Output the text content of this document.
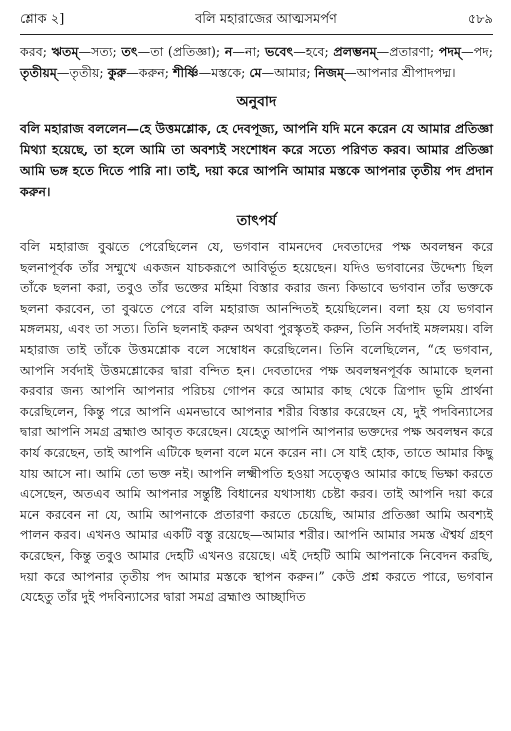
শ্লোক ২]	বলি মহারাজের আত্মসমর্পণ	৫৮৯

করব; ঋতম্—সত্য; তৎ—তা (প্রতিজ্ঞা); ন—না; ভবেৎ—হবে; প্রলম্ভনম্—প্রতারণা; পদম্—পদ; তৃতীয়ম্—তৃতীয়; কুরু—করুন; শীর্ষ্ণি—মস্তকে; মে—আমার; নিজম্—আপনার শ্রীপাদপদ্ম।

অনুবাদ

বলি মহারাজ বললেন—হে উত্তমশ্লোক, হে দেবপূজ্য, আপনি যদি মনে করেন যে আমার প্রতিজ্ঞা মিথ্যা হয়েছে, তা হলে আমি তা অবশ্যই সংশোধন করে সত্যে পরিণত করব। আমার প্রতিজ্ঞা আমি ভঙ্গ হতে দিতে পারি না। তাই, দয়া করে আপনি আমার মস্তকে আপনার তৃতীয় পদ প্রদান করুন।

তাৎপর্য

বলি মহারাজ বুঝতে পেরেছিলেন যে, ভগবান বামনদেব দেবতাদের পক্ষ অবলম্বন করে ছলনাপূর্বক তাঁর সম্মুখে একজন যাচকরূপে আবির্ভূত হয়েছেন। যদিও ভগবানের উদ্দেশ্য ছিল তাঁকে ছলনা করা, তবুও তাঁর ভক্তের মহিমা বিস্তার করার জন্য কিভাবে ভগবান তাঁর ভক্তকে ছলনা করবেন, তা বুঝতে পেরে বলি মহারাজ আনন্দিতই হয়েছিলেন। বলা হয় যে ভগবান মঙ্গলময়, এবং তা সত্য। তিনি ছলনাই করুন অথবা পুরস্কৃতই করুন, তিনি সর্বদাই মঙ্গলময়। বলি মহারাজ তাই তাঁকে উত্তমশ্লোক বলে সম্বোধন করেছিলেন। তিনি বলেছিলেন, “হে ভগবান, আপনি সর্বদাই উত্তমশ্লোকের দ্বারা বন্দিত হন। দেবতাদের পক্ষ অবলম্বনপূর্বক আমাকে ছলনা করবার জন্য আপনি আপনার পরিচয় গোপন করে আমার কাছ থেকে ত্রিপাদ ভূমি প্রার্থনা করেছিলেন, কিন্তু পরে আপনি এমনভাবে আপনার শরীর বিস্তার করেছেন যে, দুই পদবিন্যাসের দ্বারা আপনি সমগ্র ব্রহ্মাণ্ড আবৃত করেছেন। যেহেতু আপনি আপনার ভক্তদের পক্ষ অবলম্বন করে কার্য করেছেন, তাই আপনি এটিকে ছলনা বলে মনে করেন না। সে যাই হোক, তাতে আমার কিছু যায় আসে না। আমি তো ভক্ত নই। আপনি লক্ষ্মীপতি হওয়া সত্ত্বেও আমার কাছে ভিক্ষা করতে এসেছেন, অতএব আমি আপনার সন্তুষ্টি বিধানের যথাসাধ্য চেষ্টা করব। তাই আপনি দয়া করে মনে করবেন না যে, আমি আপনাকে প্রতারণা করতে চেয়েছি, আমার প্রতিজ্ঞা আমি অবশ্যই পালন করব। এখনও আমার একটি বস্তু রয়েছে—আমার শরীর। আপনি আমার সমস্ত ঐশ্বর্য গ্রহণ করেছেন, কিন্তু তবুও আমার দেহটি এখনও রয়েছে। এই দেহটি আমি আপনাকে নিবেদন করছি, দয়া করে আপনার তৃতীয় পদ আমার মস্তকে স্থাপন করুন।” কেউ প্রশ্ন করতে পারে, ভগবান যেহেতু তাঁর দুই পদবিন্যাসের দ্বারা সমগ্র ব্রহ্মাণ্ড আচ্ছাদিত
